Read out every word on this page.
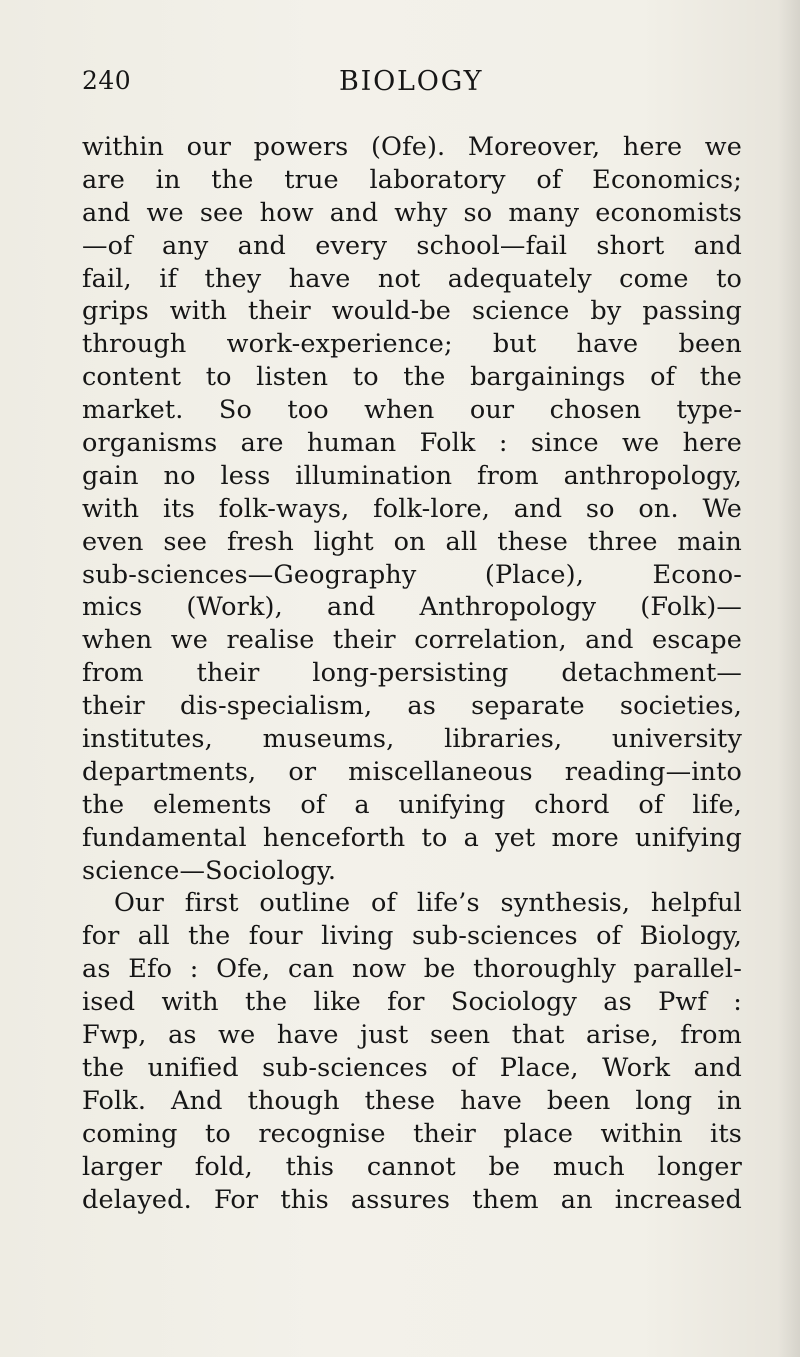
240	BIOLOGY
within our powers (Ofe). Moreover, here we
are in the true laboratory of Economics;
and we see how and why so many economists
—of any and every school—fail short and
fail, if they have not adequately come to
grips with their would-be science by passing
through work-experience; but have been
content to listen to the bargainings of the
market. So too when our chosen type-
organisms are human Folk : since we here
gain no less illumination from anthropology,
with its folk-ways, folk-lore, and so on. We
even see fresh light on all these three main
sub-sciences—Geography (Place), Econo-
mics (Work), and Anthropology (Folk)—
when we realise their correlation, and escape
from their long-persisting detachment—
their dis-specialism, as separate societies,
institutes, museums, libraries, university
departments, or miscellaneous reading—into
the elements of a unifying chord of life,
fundamental henceforth to a yet more unifying
science—Sociology.
Our first outline of life’s synthesis, helpful
for all the four living sub-sciences of Biology,
as Efo : Ofe, can now be thoroughly parallel-
ised with the like for Sociology as Pwf :
Fwp, as we have just seen that arise, from
the unified sub-sciences of Place, Work and
Folk. And though these have been long in
coming to recognise their place within its
larger fold, this cannot be much longer
delayed. For this assures them an increased
